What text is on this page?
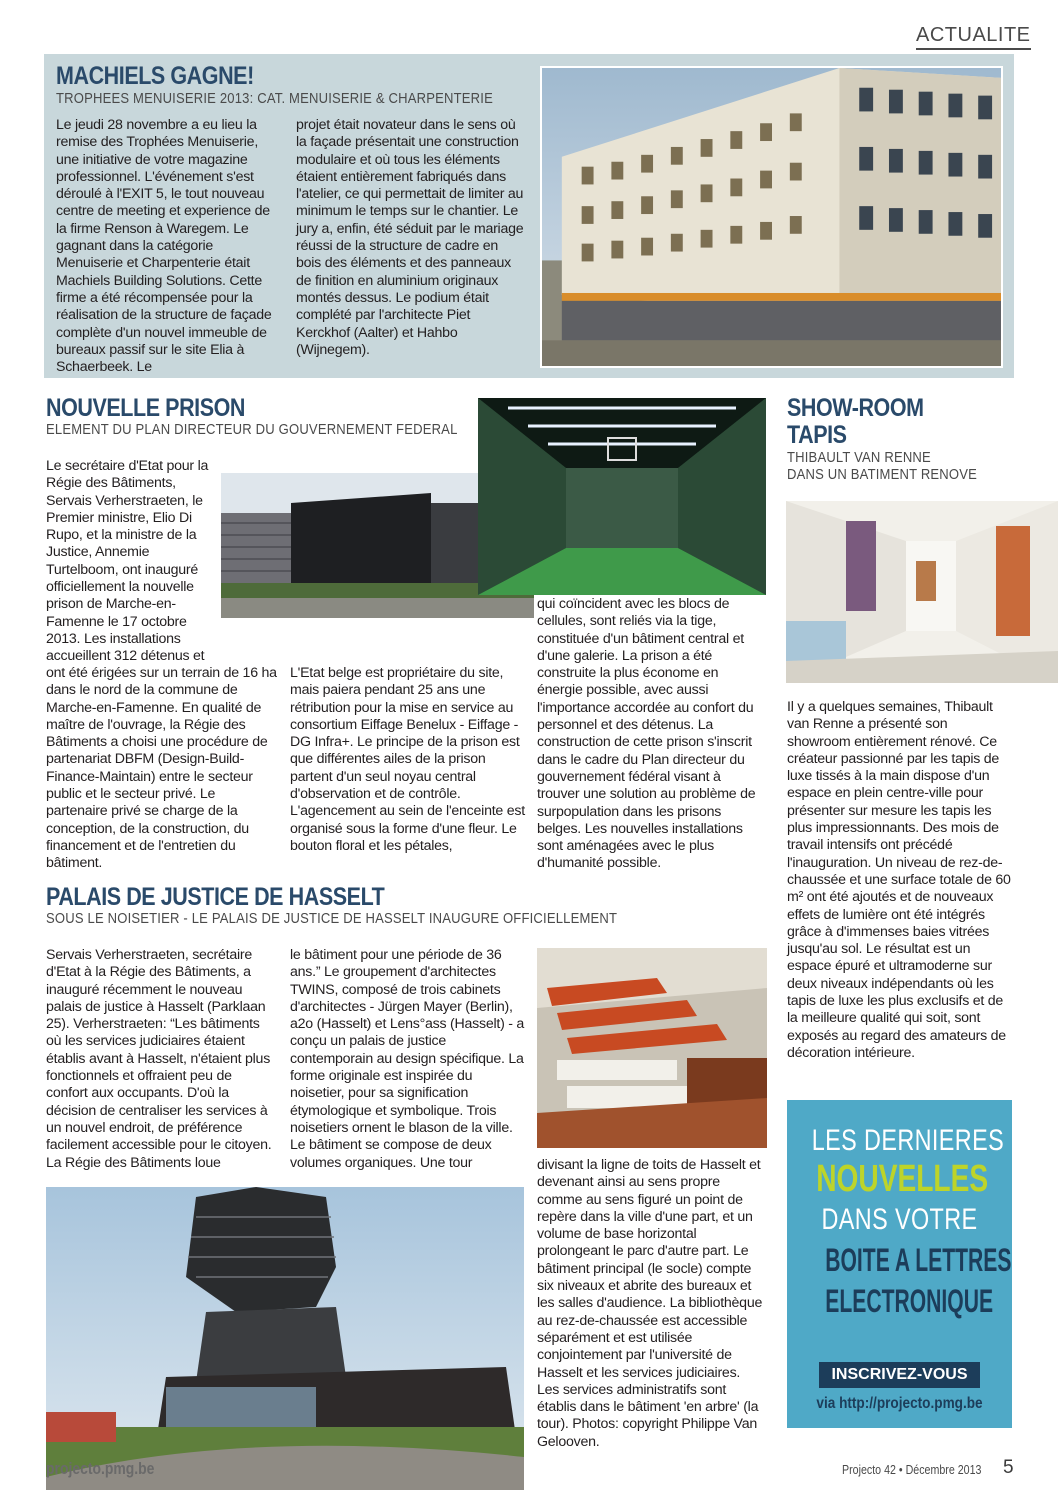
ACTUALITE
MACHIELS GAGNE!
TROPHEES MENUISERIE 2013: CAT. MENUISERIE & CHARPENTERIE
Le jeudi 28 novembre a eu lieu la remise des Trophées Menuiserie, une initiative de votre magazine professionnel. L'événement s'est déroulé à l'EXIT 5, le tout nouveau centre de meeting et experience de la firme Renson à Waregem. Le gagnant dans la catégorie Menuiserie et Charpenterie était Machiels Building Solutions. Cette firme a été récompensée pour la réalisation de la structure de façade complète d'un nouvel immeuble de bureaux passif sur le site Elia à Schaerbeek. Le
projet était novateur dans le sens où la façade présentait une construction modulaire et où tous les éléments étaient entièrement fabriqués dans l'atelier, ce qui permettait de limiter au minimum le temps sur le chantier. Le jury a, enfin, été séduit par le mariage réussi de la structure de cadre en bois des éléments et des panneaux de finition en aluminium originaux montés dessus. Le podium était complété par l'architecte Piet Kerckhof (Aalter) et Hahbo (Wijnegem).
NOUVELLE PRISON
ELEMENT DU PLAN DIRECTEUR DU GOUVERNEMENT FEDERAL
Le secrétaire d'Etat pour la Régie des Bâtiments, Servais Verherstraeten, le Premier ministre, Elio Di Rupo, et la ministre de la Justice, Annemie Turtelboom, ont inauguré officiellement la nouvelle prison de Marche-en-Famenne le 17 octobre 2013. Les installations accueillent 312 détenus et
ont été érigées sur un terrain de 16 ha dans le nord de la commune de Marche-en-Famenne. En qualité de maître de l'ouvrage, la Régie des Bâtiments a choisi une procédure de partenariat DBFM (Design-Build-Finance-Maintain) entre le secteur public et le secteur privé. Le partenaire privé se charge de la conception, de la construction, du financement et de l'entretien du bâtiment.
L'Etat belge est propriétaire du site, mais paiera pendant 25 ans une rétribution pour la mise en service au consortium Eiffage Benelux - Eiffage - DG Infra+. Le principe de la prison est que différentes ailes de la prison partent d'un seul noyau central d'observation et de contrôle. L'agencement au sein de l'enceinte est organisé sous la forme d'une fleur. Le bouton floral et les pétales,
qui coïncident avec les blocs de cellules, sont reliés via la tige, constituée d'un bâtiment central et d'une galerie. La prison a été construite la plus économe en énergie possible, avec aussi l'importance accordée au confort du personnel et des détenus. La construction de cette prison s'inscrit dans le cadre du Plan directeur du gouvernement fédéral visant à trouver une solution au problème de surpopulation dans les prisons belges. Les nouvelles installations sont aménagées avec le plus d'humanité possible.
SHOW-ROOM
TAPIS
THIBAULT VAN RENNE
DANS UN BATIMENT RENOVE
Il y a quelques semaines, Thibault van Renne a présenté son showroom entièrement rénové. Ce créateur passionné par les tapis de luxe tissés à la main dispose d'un espace en plein centre-ville pour présenter sur mesure les tapis les plus impressionnants. Des mois de travail intensifs ont précédé l'inauguration. Un niveau de rez-de-chaussée et une surface totale de 60 m² ont été ajoutés et de nouveaux effets de lumière ont été intégrés grâce à d'immenses baies vitrées jusqu'au sol. Le résultat est un espace épuré et ultramoderne sur deux niveaux indépendants où les tapis de luxe les plus exclusifs et de la meilleure qualité qui soit, sont exposés au regard des amateurs de décoration intérieure.
LES DERNIERES
NOUVELLES
DANS VOTRE
BOITE A LETTRES
ELECTRONIQUE
INSCRIVEZ-VOUS
via http://projecto.pmg.be
PALAIS DE JUSTICE DE HASSELT
SOUS LE NOISETIER - LE PALAIS DE JUSTICE DE HASSELT INAUGURE OFFICIELLEMENT
Servais Verherstraeten, secrétaire d'Etat à la Régie des Bâtiments, a inauguré récemment le nouveau palais de justice à Hasselt (Parklaan 25). Verherstraeten: “Les bâtiments où les services judiciaires étaient établis avant à Hasselt, n'étaient plus fonctionnels et offraient peu de confort aux occupants. D'où la décision de centraliser les services à un nouvel endroit, de préférence facilement accessible pour le citoyen. La Régie des Bâtiments loue
le bâtiment pour une période de 36 ans.” Le groupement d'architectes TWINS, composé de trois cabinets d'architectes - Jürgen Mayer (Berlin), a2o (Hasselt) et Lens°ass (Hasselt) - a conçu un palais de justice contemporain au design spécifique. La forme originale est inspirée du noisetier, pour sa signification étymologique et symbolique. Trois noisetiers ornent le blason de la ville. Le bâtiment se compose de deux volumes organiques. Une tour	divisant la ligne de toits de Hasselt et devenant ainsi au sens propre comme au sens figuré un point de repère dans la ville d'une part, et un volume de base horizontal prolongeant le parc d'autre part. Le bâtiment principal (le socle) compte six niveaux et abrite des bureaux et les salles d'audience. La bibliothèque au rez-de-chaussée est accessible séparément et est utilisée conjointement par l'université de Hasselt et les services judiciaires. Les services administratifs sont établis dans le bâtiment 'en arbre' (la tour). Photos: copyright Philippe Van Gelooven.
projecto.pmg.be	Projecto 42 • Décembre 2013 5
